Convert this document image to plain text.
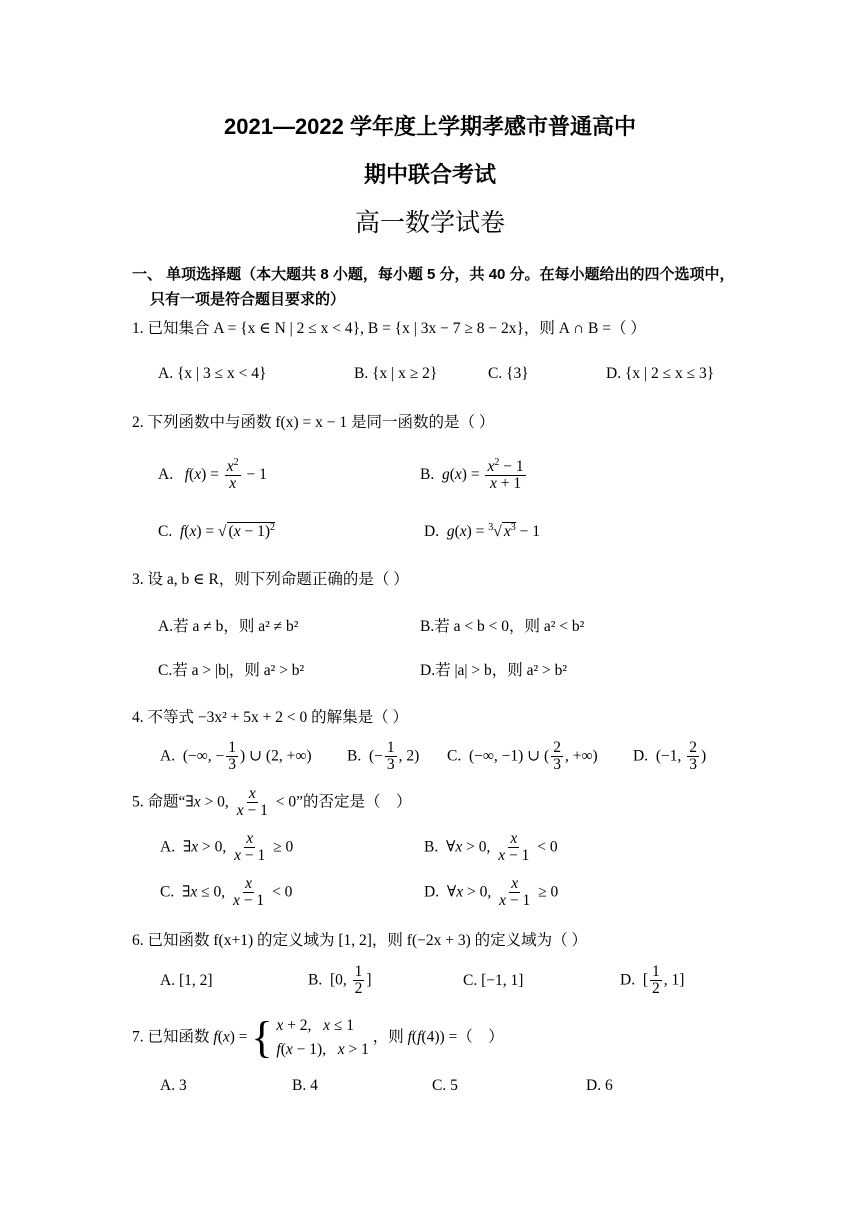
2021—2022 学年度上学期孝感市普通高中
期中联合考试
高一数学试卷
一、 单项选择题（本大题共 8 小题，每小题 5 分，共 40 分。在每小题给出的四个选项中，
只有一项是符合题目要求的）
1. 已知集合 A = {x ∈ N | 2 ≤ x < 4}, B = {x | 3x − 7 ≥ 8 − 2x}，则 A ∩ B =（ ）
A. {x | 3 ≤ x < 4}	B. {x | x ≥ 2}	C. {3}	D. {x | 2 ≤ x ≤ 3}
2. 下列函数中与函数 f(x) = x − 1 是同一函数的是（ ）
A. $f(x) = \frac{x^2}{x} - 1$	B. $g(x) = \frac{x^2 - 1}{x + 1}$
C. f(x) = √ $(x - 1)^2$	D. g(x) = $^3$√ $x^3 - 1$
3. 设 a, b ∈ R，则下列命题正确的是（ ）
A.若 a ≠ b，则 a² ≠ b²	B.若 a < b < 0，则 a² < b²
C.若 a > |b|，则 a² > b²	D.若 |a| > b，则 a² > b²
4. 不等式 −3x² + 5x + 2 < 0 的解集是（ ）
A.  (−∞, − $\frac{1}{3}$ ) ∪ (2, +∞) B.  (− $\frac{1}{3}$ , 2) C.  (−∞, −1) ∪ ( $\frac{2}{3}$ , +∞) D.  (−1, $\frac{2}{3}$ )
5. 命题“∃x > 0, $\frac{x}{x - 1} < 0$”的否定是（    ）
A.  ∃x > 0, $\frac{x}{x - 1} \ge 0$	B.  ∀x > 0, $\frac{x}{x - 1} < 0$
C.  ∃x ≤ 0, $\frac{x}{x - 1} < 0$	D.  ∀x > 0, $\frac{x}{x - 1} \ge 0$
6. 已知函数 f(x+1) 的定义域为 [1, 2]，则 f(−2x + 3) 的定义域为（ ）
A. [1, 2]	B.  [0, $\frac{1}{2}$ ]	C. [−1, 1]	D.  [ $\frac{1}{2}$ , 1]
7. 已知函数 f(x) = { x + 2,   x ≤ 1
f(x − 1),   x > 1
，则 f(f(4)) =（    ）
A. 3	B. 4	C. 5	D. 6
